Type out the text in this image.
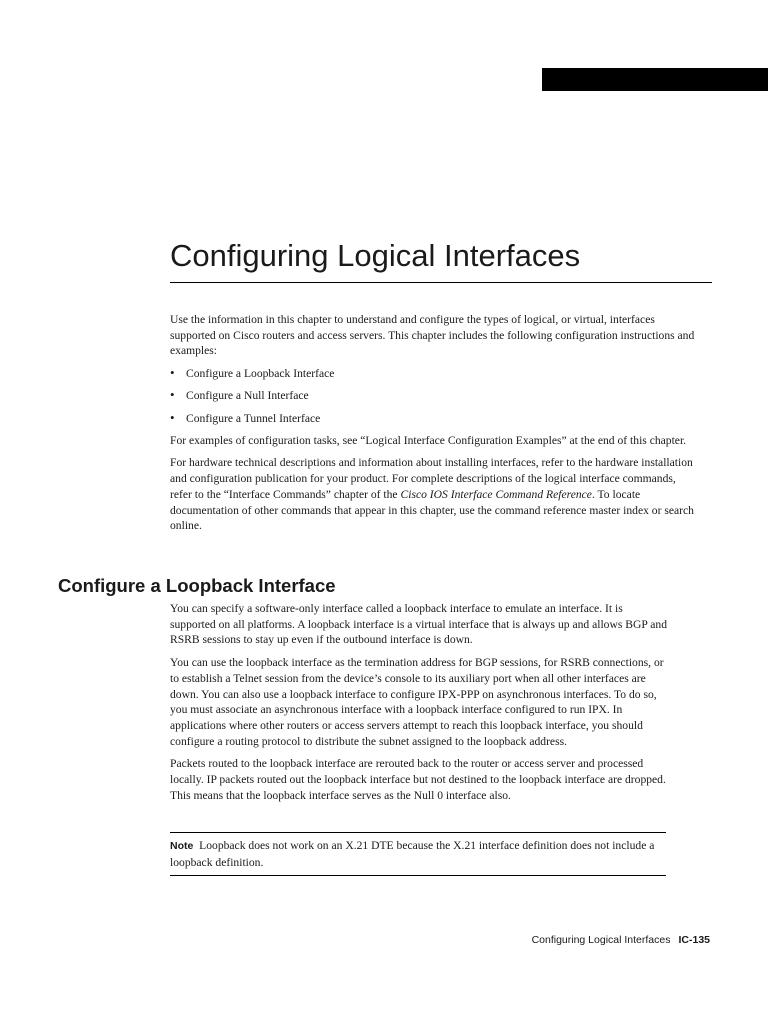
Configuring Logical Interfaces

Use the information in this chapter to understand and configure the types of logical, or virtual, interfaces supported on Cisco routers and access servers. This chapter includes the following configuration instructions and examples:

• Configure a Loopback Interface
• Configure a Null Interface
• Configure a Tunnel Interface

For examples of configuration tasks, see “Logical Interface Configuration Examples” at the end of this chapter.

For hardware technical descriptions and information about installing interfaces, refer to the hardware installation and configuration publication for your product. For complete descriptions of the logical interface commands, refer to the “Interface Commands” chapter of the Cisco IOS Interface Command Reference. To locate documentation of other commands that appear in this chapter, use the command reference master index or search online.

Configure a Loopback Interface

You can specify a software-only interface called a loopback interface to emulate an interface. It is supported on all platforms. A loopback interface is a virtual interface that is always up and allows BGP and RSRB sessions to stay up even if the outbound interface is down.

You can use the loopback interface as the termination address for BGP sessions, for RSRB connections, or to establish a Telnet session from the device’s console to its auxiliary port when all other interfaces are down. You can also use a loopback interface to configure IPX-PPP on asynchronous interfaces. To do so, you must associate an asynchronous interface with a loopback interface configured to run IPX. In applications where other routers or access servers attempt to reach this loopback interface, you should configure a routing protocol to distribute the subnet assigned to the loopback address.

Packets routed to the loopback interface are rerouted back to the router or access server and processed locally. IP packets routed out the loopback interface but not destined to the loopback interface are dropped. This means that the loopback interface serves as the Null 0 interface also.

Note Loopback does not work on an X.21 DTE because the X.21 interface definition does not include a loopback definition.
Configuring Logical Interfaces IC-135
